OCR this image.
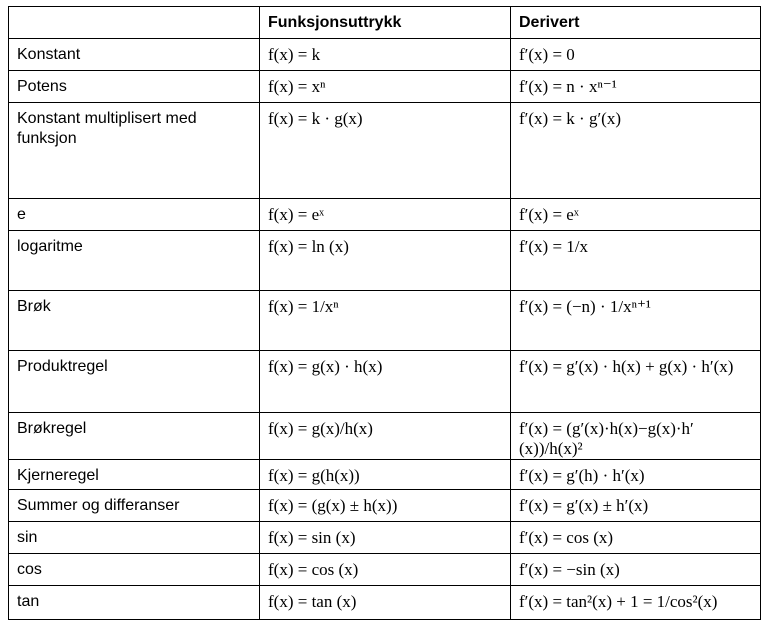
	Funksjonsuttrykk	Derivert
Konstant	f(x) = k	f′(x) = 0
Potens	f(x) = xⁿ	f′(x) = n · xⁿ⁻¹
Konstant multiplisert med funksjon	f(x) = k · g(x)	f′(x) = k · g′(x)
e	f(x) = eˣ	f′(x) = eˣ
logaritme	f(x) = ln (x)	f′(x) = 1/x
Brøk	f(x) = 1/xⁿ	f′(x) = (−n) · 1/xⁿ⁺¹
Produktregel	f(x) = g(x) · h(x)	f′(x) = g′(x) · h(x) + g(x) · h′(x)
Brøkregel	f(x) = g(x)/h(x)	f′(x) = (g′(x)·h(x)−g(x)·h′(x))/h(x)²
Kjerneregel	f(x) = g(h(x))	f′(x) = g′(h) · h′(x)
Summer og differanser	f(x) = (g(x) ± h(x))	f′(x) = g′(x) ± h′(x)
sin	f(x) = sin (x)	f′(x) = cos (x)
cos	f(x) = cos (x)	f′(x) = −sin (x)
tan	f(x) = tan (x)	f′(x) = tan²(x) + 1 = 1/cos²(x)
